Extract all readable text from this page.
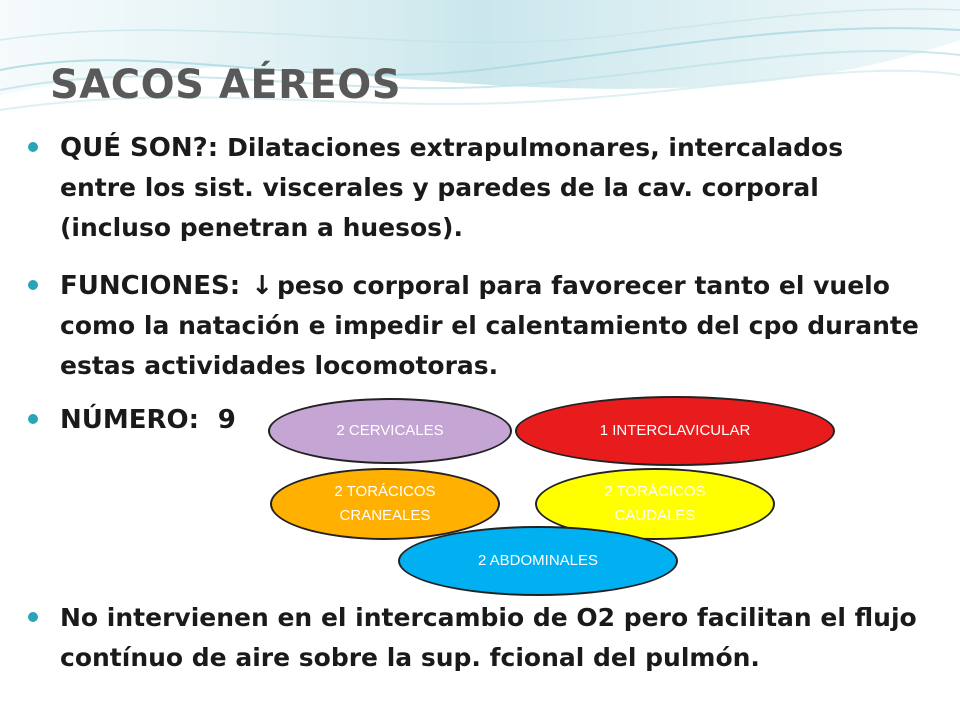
SACOS AÉREOS
QUÉ SON?: Dilataciones extrapulmonares, intercalados entre los sist. viscerales y paredes de la cav. corporal (incluso penetran a huesos).
FUNCIONES: ↓ peso corporal para favorecer tanto el vuelo como la natación e impedir el calentamiento del cpo durante estas actividades locomotoras.
NÚMERO: 9	2 CERVICALES	1 INTERCLAVICULAR
2 TORÁCICOS
CRANEALES
2 TORÁCICOS
CAUDALES
2 ABDOMINALES
No intervienen en el intercambio de O2 pero facilitan el flujo contínuo de aire sobre la sup. fcional del pulmón.
